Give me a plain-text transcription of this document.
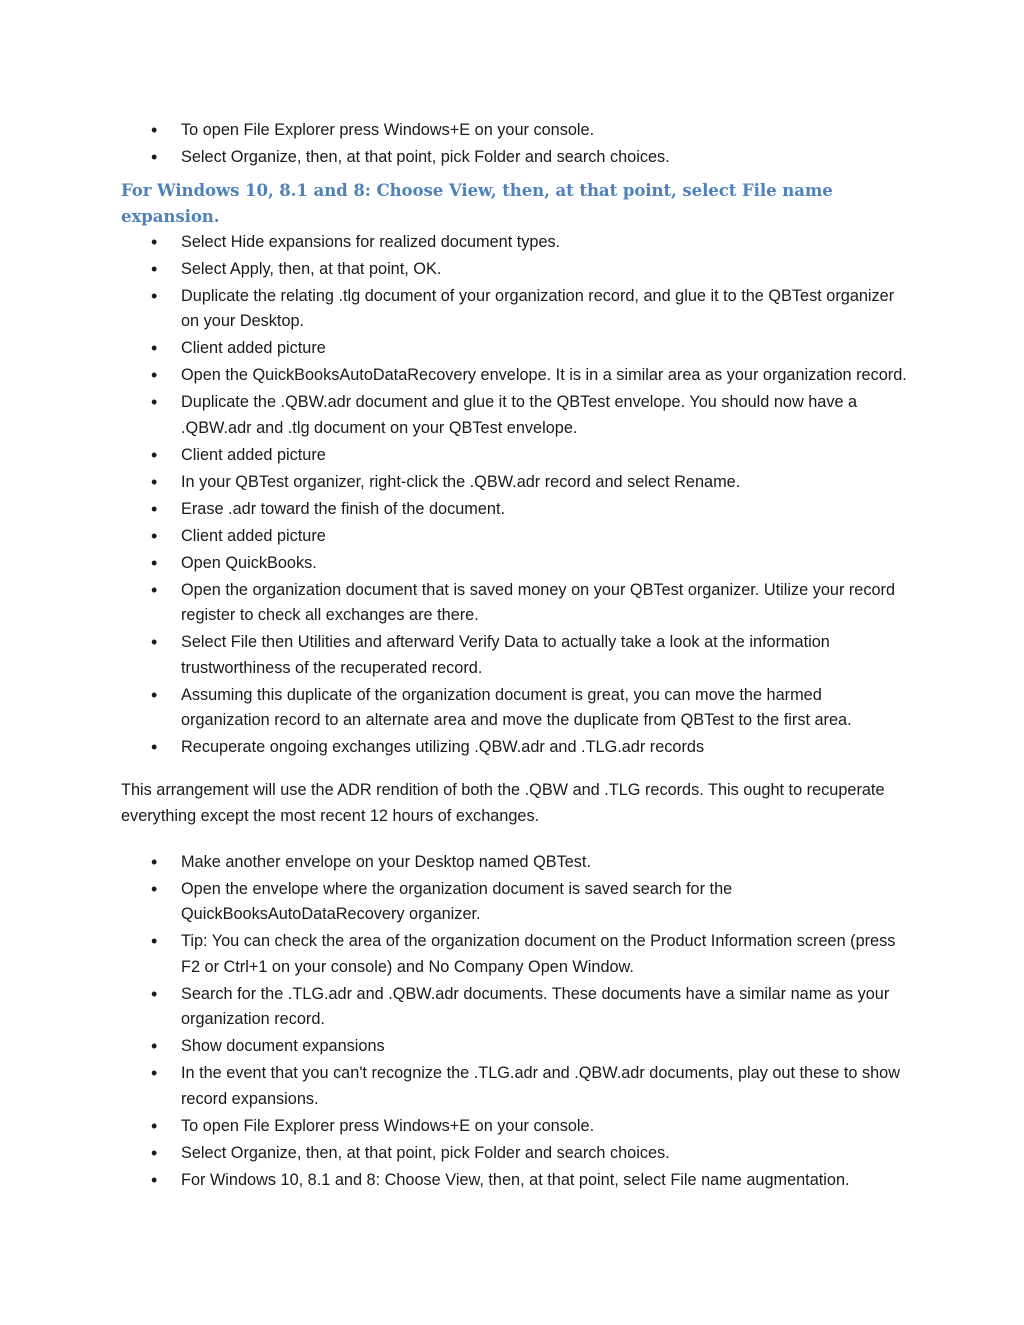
• To open File Explorer press Windows+E on your console.
• Select Organize, then, at that point, pick Folder and search choices.
For Windows 10, 8.1 and 8: Choose View, then, at that point, select File name expansion.
• Select Hide expansions for realized document types.
• Select Apply, then, at that point, OK.
• Duplicate the relating .tlg document of your organization record, and glue it to the QBTest organizer on your Desktop.
• Client added picture
• Open the QuickBooksAutoDataRecovery envelope. It is in a similar area as your organization record.
• Duplicate the .QBW.adr document and glue it to the QBTest envelope. You should now have a .QBW.adr and .tlg document on your QBTest envelope.
• Client added picture
• In your QBTest organizer, right-click the .QBW.adr record and select Rename.
• Erase .adr toward the finish of the document.
• Client added picture
• Open QuickBooks.
• Open the organization document that is saved money on your QBTest organizer. Utilize your record register to check all exchanges are there.
• Select File then Utilities and afterward Verify Data to actually take a look at the information trustworthiness of the recuperated record.
• Assuming this duplicate of the organization document is great, you can move the harmed organization record to an alternate area and move the duplicate from QBTest to the first area.
• Recuperate ongoing exchanges utilizing .QBW.adr and .TLG.adr records

This arrangement will use the ADR rendition of both the .QBW and .TLG records. This ought to recuperate everything except the most recent 12 hours of exchanges.

• Make another envelope on your Desktop named QBTest.
• Open the envelope where the organization document is saved search for the QuickBooksAutoDataRecovery organizer.
• Tip: You can check the area of the organization document on the Product Information screen (press F2 or Ctrl+1 on your console) and No Company Open Window.
• Search for the .TLG.adr and .QBW.adr documents. These documents have a similar name as your organization record.
• Show document expansions
• In the event that you can't recognize the .TLG.adr and .QBW.adr documents, play out these to show record expansions.
• To open File Explorer press Windows+E on your console.
• Select Organize, then, at that point, pick Folder and search choices.
• For Windows 10, 8.1 and 8: Choose View, then, at that point, select File name augmentation.
